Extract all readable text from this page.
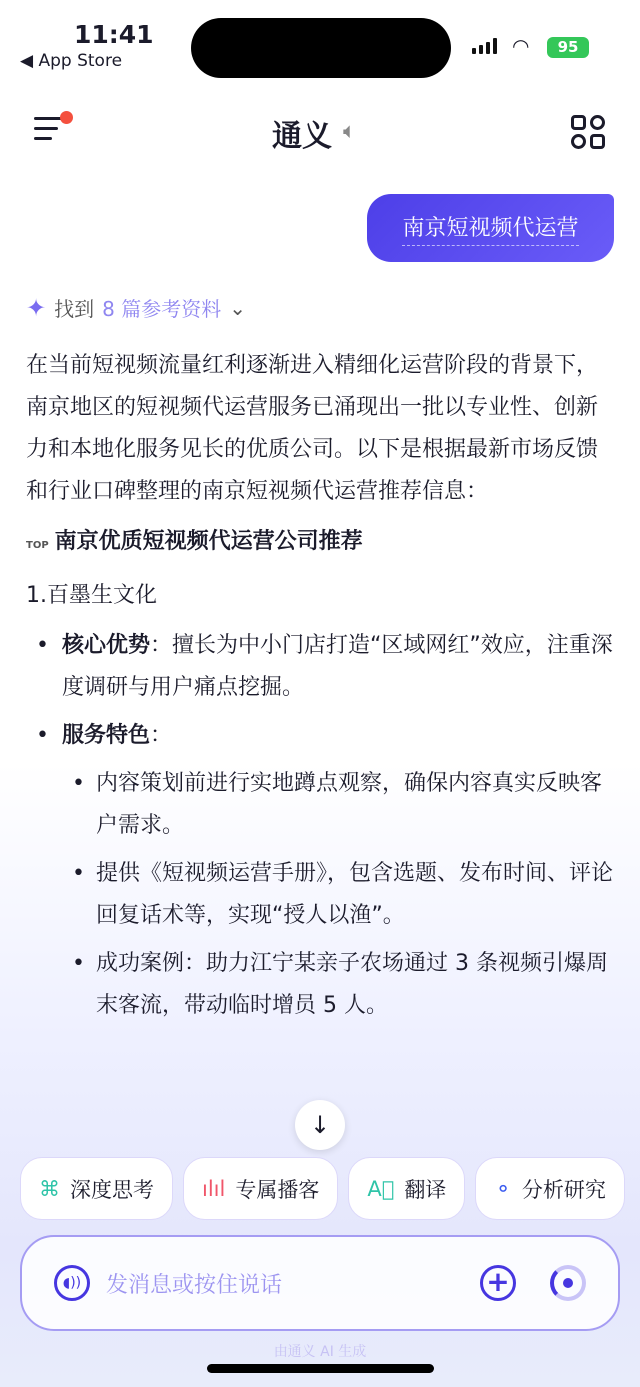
11:41
◀ App Store
◠	95
通义 🔈︎
南京短视频代运营
✦ 找到 8 篇参考资料 ⌄

在当前短视频流量红利逐渐进入精细化运营阶段的背景下，南京地区的短视频代运营服务已涌现出一批以专业性、创新力和本地化服务见长的优质公司。以下是根据最新市场反馈和行业口碑整理的南京短视频代运营推荐信息：

TOP 南京优质短视频代运营公司推荐
1.百墨生文化
• 核心优势：擅长为中小门店打造“区域网红”效应，注重深度调研与用户痛点挖掘。
• 服务特色：
• 内容策划前进行实地蹲点观察，确保内容真实反映客户需求。
• 提供《短视频运营手册》，包含选题、发布时间、评论回复话术等，实现“授人以渔”。
• 成功案例：助力江宁某亲子农场通过 3 条视频引爆周末客流，带动临时增员 5 人。
↓
⌘ 深度思考 ılıl 专属播客 A⃞ 翻译 ⚬ 分析研究
◖))	发消息或按住说话	+
由通义 AI 生成
